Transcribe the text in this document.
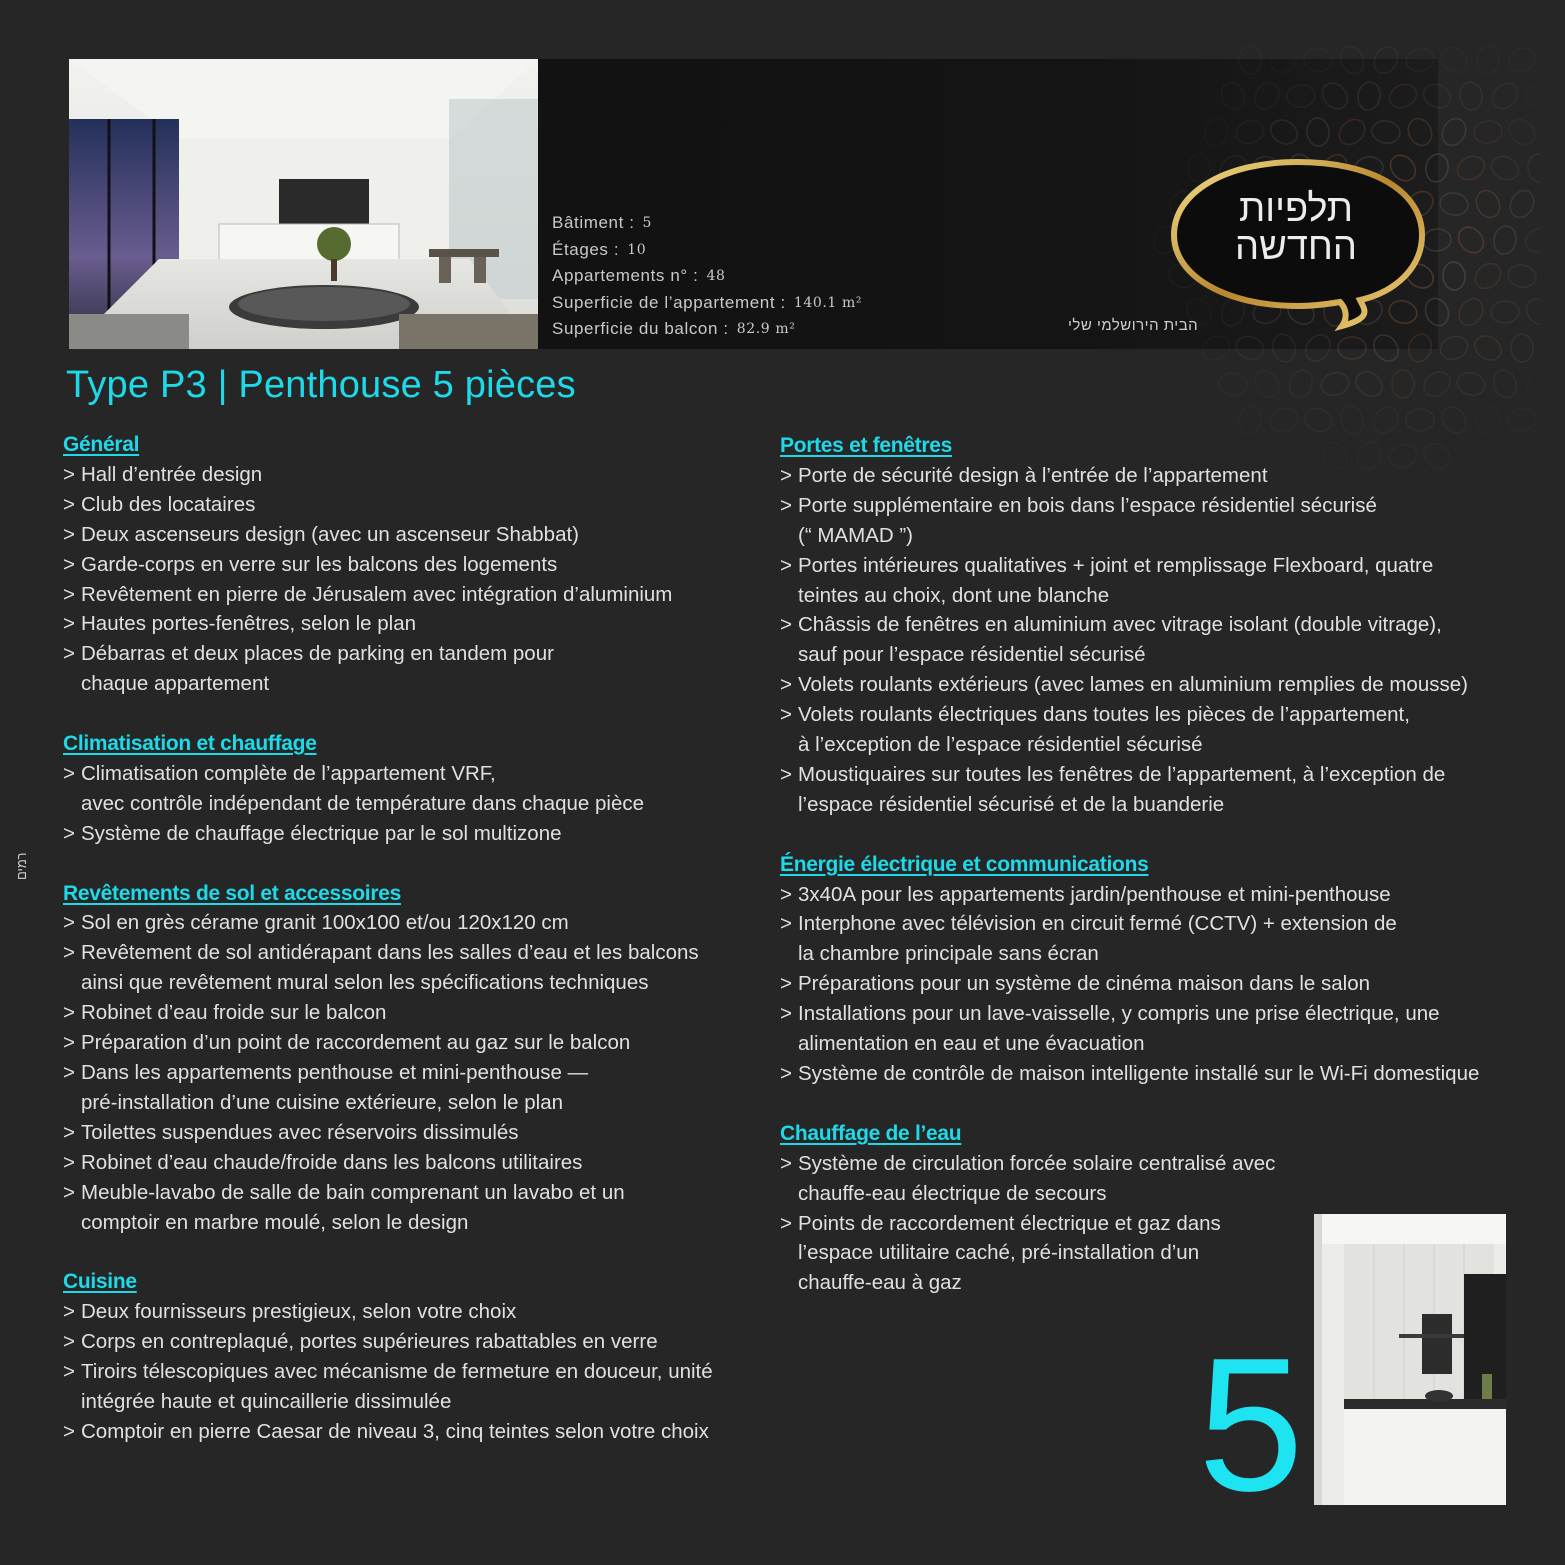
Bâtiment : 5
Étages : 10
Appartements n° : 48
Superficie de l’appartement : 140.1 m²
Superficie du balcon : 82.9 m²
תלפיות
החדשה
הבית הירושלמי שלי
Type P3 | Penthouse 5 pièces
Général
> Hall d’entrée design
> Club des locataires
> Deux ascenseurs design (avec un ascenseur Shabbat)
> Garde-corps en verre sur les balcons des logements
> Revêtement en pierre de Jérusalem avec intégration d’aluminium
> Hautes portes-fenêtres, selon le plan
> Débarras et deux places de parking en tandem pour
chaque appartement
Climatisation et chauffage
> Climatisation complète de l’appartement VRF,
avec contrôle indépendant de température dans chaque pièce
> Système de chauffage électrique par le sol multizone
Revêtements de sol et accessoires
> Sol en grès cérame granit 100x100 et/ou 120x120 cm
> Revêtement de sol antidérapant dans les salles d’eau et les balcons
ainsi que revêtement mural selon les spécifications techniques
> Robinet d’eau froide sur le balcon
> Préparation d’un point de raccordement au gaz sur le balcon
> Dans les appartements penthouse et mini-penthouse —
pré-installation d’une cuisine extérieure, selon le plan
> Toilettes suspendues avec réservoirs dissimulés
> Robinet d’eau chaude/froide dans les balcons utilitaires
> Meuble-lavabo de salle de bain comprenant un lavabo et un
comptoir en marbre moulé, selon le design
Cuisine
> Deux fournisseurs prestigieux, selon votre choix
> Corps en contreplaqué, portes supérieures rabattables en verre
> Tiroirs télescopiques avec mécanisme de fermeture en douceur, unité
intégrée haute et quincaillerie dissimulée
> Comptoir en pierre Caesar de niveau 3, cinq teintes selon votre choix
Portes et fenêtres
> Porte de sécurité design à l’entrée de l’appartement
> Porte supplémentaire en bois dans l’espace résidentiel sécurisé
(“ MAMAD ”)
> Portes intérieures qualitatives + joint et remplissage Flexboard, quatre
teintes au choix, dont une blanche
> Châssis de fenêtres en aluminium avec vitrage isolant (double vitrage),
sauf pour l’espace résidentiel sécurisé
> Volets roulants extérieurs (avec lames en aluminium remplies de mousse)
> Volets roulants électriques dans toutes les pièces de l’appartement,
à l’exception de l’espace résidentiel sécurisé
> Moustiquaires sur toutes les fenêtres de l’appartement, à l’exception de
l’espace résidentiel sécurisé et de la buanderie
Énergie électrique et communications
> 3x40A pour les appartements jardin/penthouse et mini-penthouse
> Interphone avec télévision en circuit fermé (CCTV) + extension de
la chambre principale sans écran
> Préparations pour un système de cinéma maison dans le salon
> Installations pour un lave-vaisselle, y compris une prise électrique, une
alimentation en eau et une évacuation
> Système de contrôle de maison intelligente installé sur le Wi-Fi domestique
Chauffage de l’eau
> Système de circulation forcée solaire centralisé avec
chauffe-eau électrique de secours
> Points de raccordement électrique et gaz dans
l’espace utilitaire caché, pré-installation d’un
chauffe-eau à gaz
רמים
5
